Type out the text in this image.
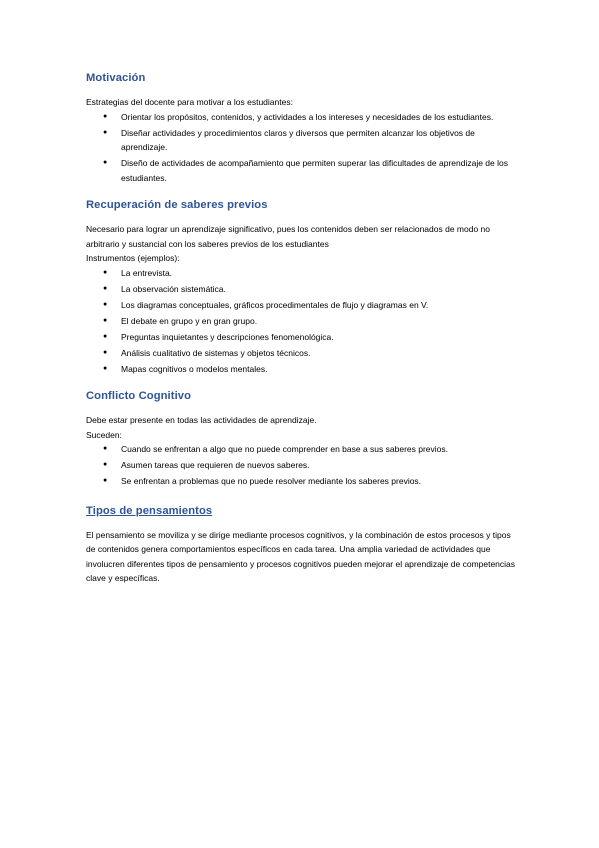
Motivación

Estrategias del docente para motivar a los estudiantes:

● Orientar los propósitos, contenidos, y actividades a los intereses y necesidades de los estudiantes.
● Diseñar actividades y procedimientos claros y diversos que permiten alcanzar los objetivos de aprendizaje.
● Diseño de actividades de acompañamiento que permiten superar las dificultades de aprendizaje de los estudiantes.
Recuperación de saberes previos

Necesario para lograr un aprendizaje significativo, pues los contenidos deben ser relacionados de modo no arbitrario y sustancial con los saberes previos de los estudiantes

Instrumentos (ejemplos):

● La entrevista.
● La observación sistemática.
● Los diagramas conceptuales, gráficos procedimentales de flujo y diagramas en V.
● El debate en grupo y en gran grupo.
● Preguntas inquietantes y descripciones fenomenológica.
● Análisis cualitativo de sistemas y objetos técnicos.
● Mapas cognitivos o modelos mentales.
Conflicto Cognitivo

Debe estar presente en todas las actividades de aprendizaje.

Suceden:

● Cuando se enfrentan a algo que no puede comprender en base a sus saberes previos.
● Asumen tareas que requieren de nuevos saberes.
● Se enfrentan a problemas que no puede resolver mediante los saberes previos.
Tipos de pensamientos

El pensamiento se moviliza y se dirige mediante procesos cognitivos, y la combinación de estos procesos y tipos de contenidos genera comportamientos específicos en cada tarea. Una amplia variedad de actividades que involucren diferentes tipos de pensamiento y procesos cognitivos pueden mejorar el aprendizaje de competencias clave y específicas.
